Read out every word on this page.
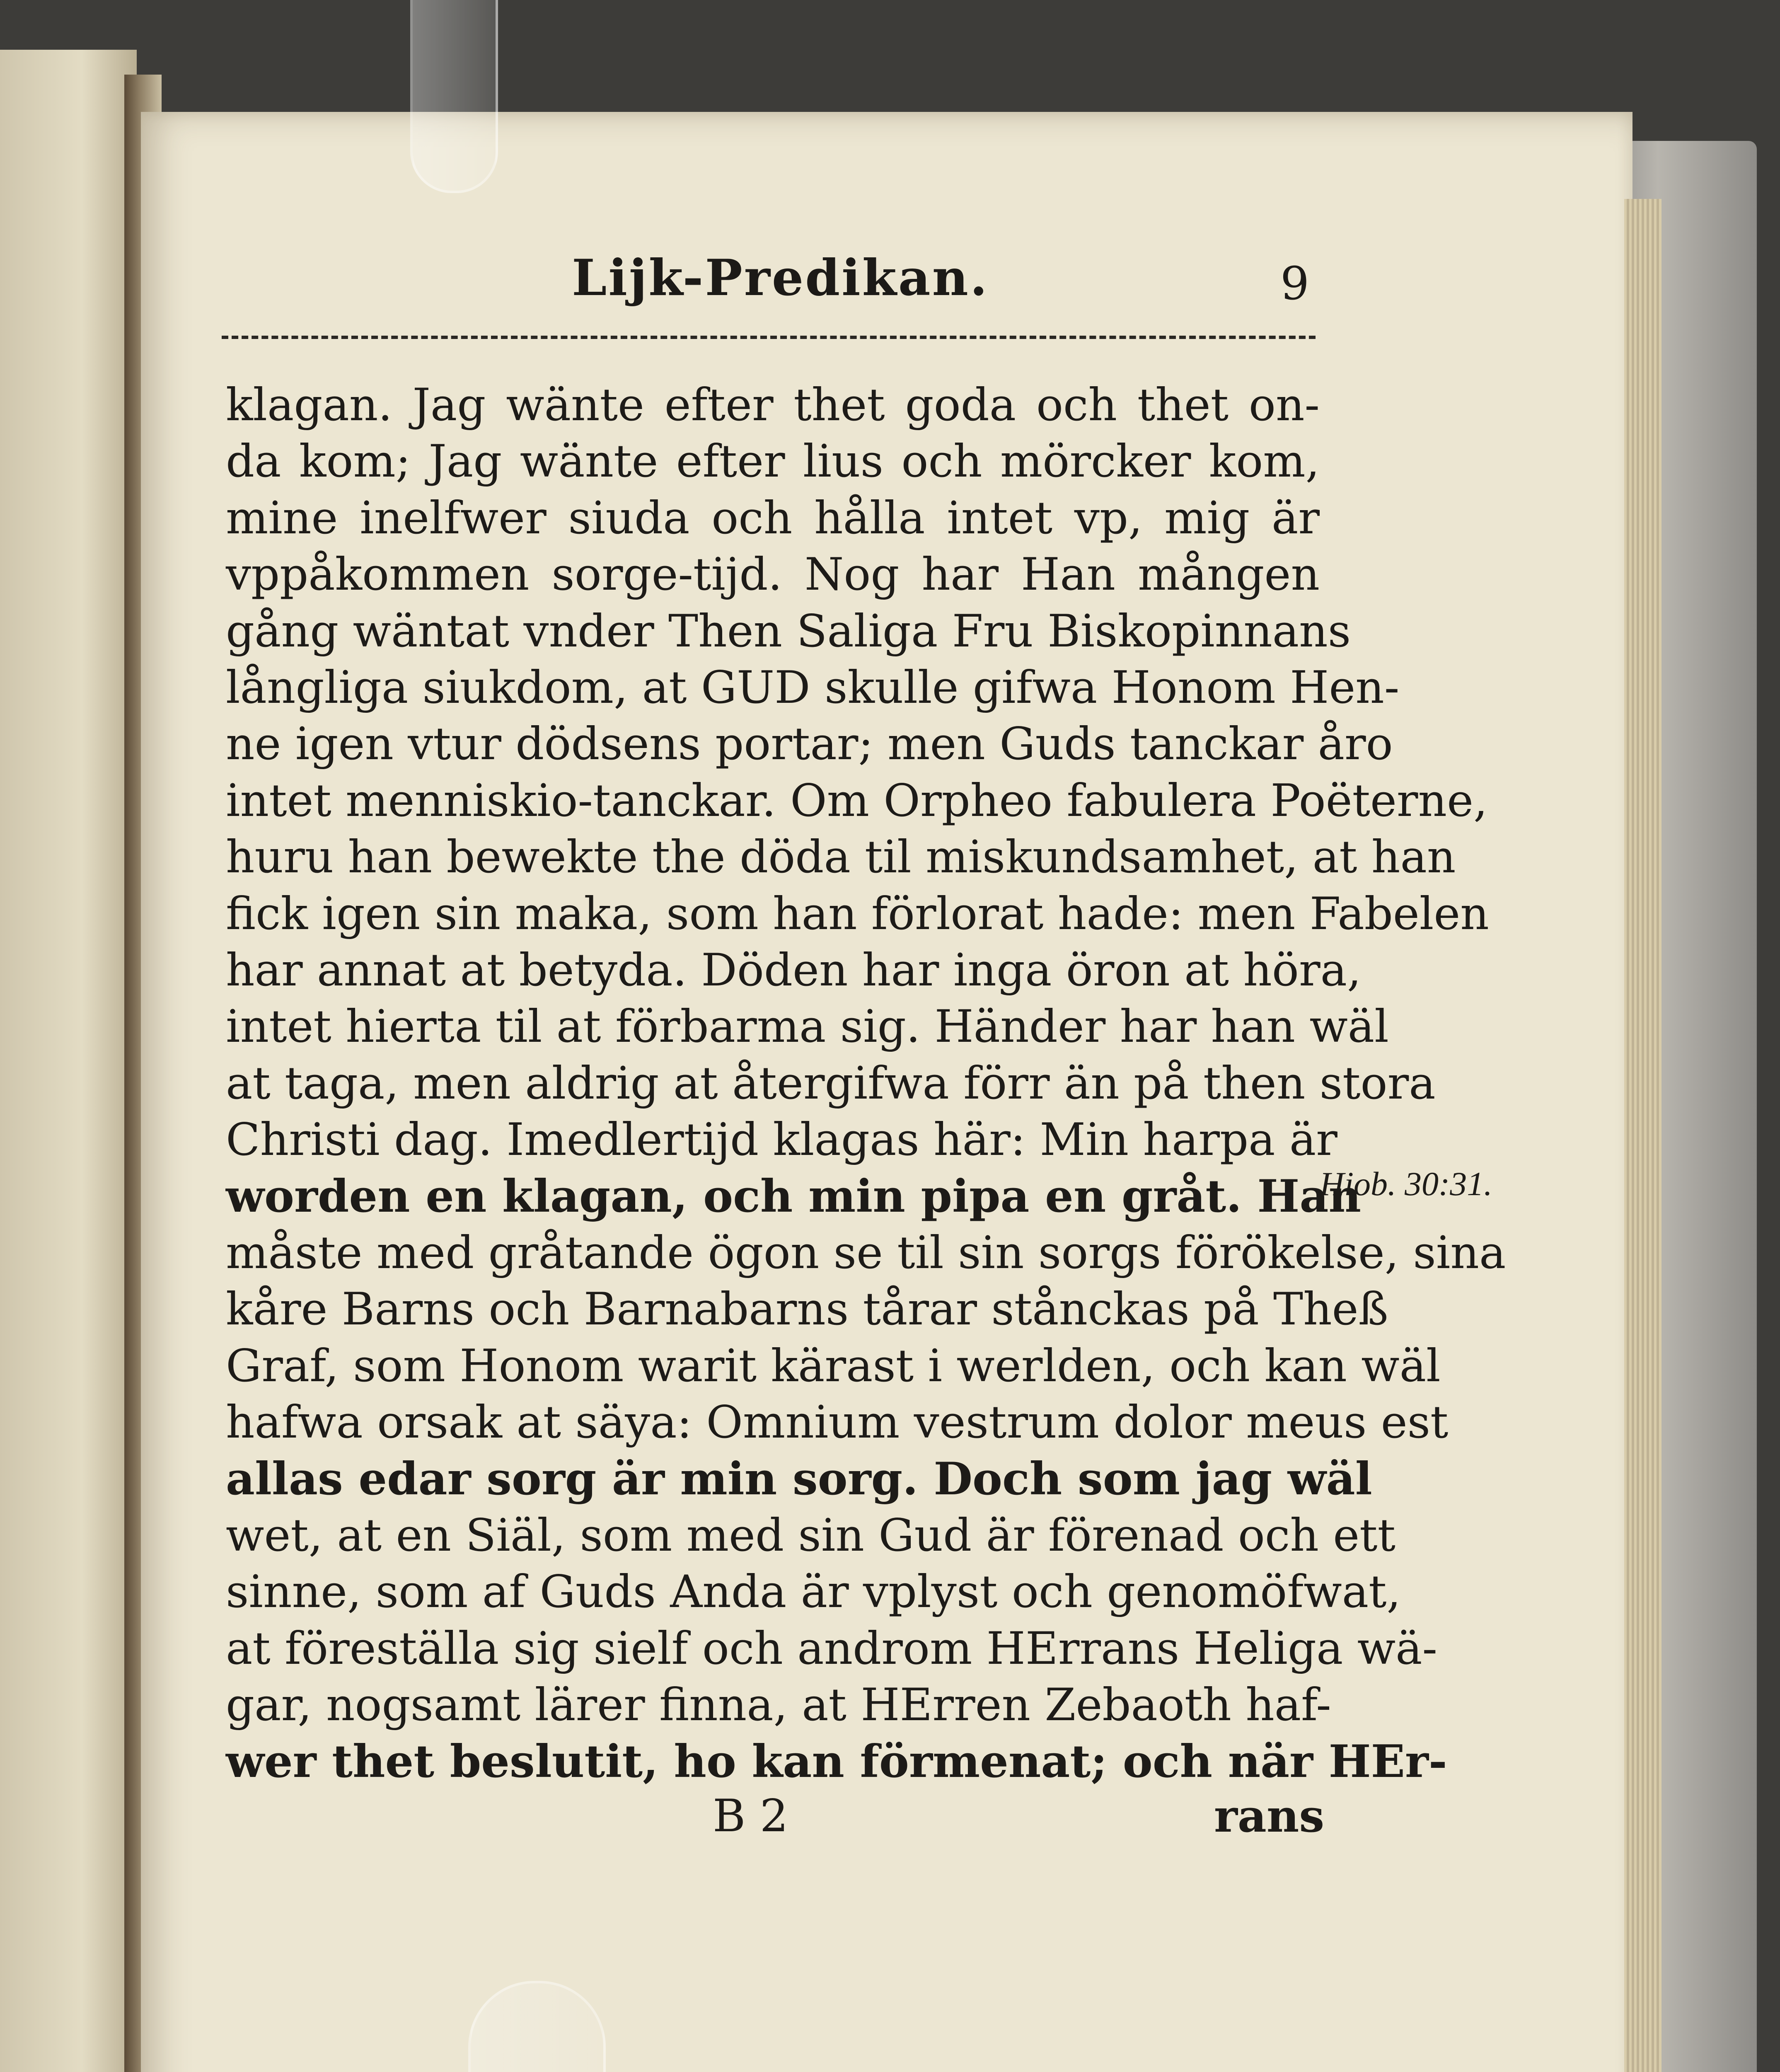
Lijk-Predikan.	9
klagan. Jag wänte efter thet goda och thet on-
da kom; Jag wänte efter lius och mörcker kom,
mine inelfwer siuda och hålla intet vp, mig är
vppåkommen sorge-tijd. Nog har Han mången
gång wäntat vnder Then Saliga Fru Biskopinnans
långliga siukdom, at GUD skulle gifwa Honom Hen-
ne igen vtur dödsens portar; men Guds tanckar åro
intet menniskio-tanckar. Om Orpheo fabulera Poëterne,
huru han bewekte the döda til miskundsamhet, at han
fick igen sin maka, som han förlorat hade: men Fabelen
har annat at betyda. Döden har inga öron at höra,
intet hierta til at förbarma sig. Händer har han wäl
at taga, men aldrig at återgifwa förr än på then stora
Christi dag. Imedlertijd klagas här: Min harpa är
worden en klagan, och min pipa en gråt. Han
måste med gråtande ögon se til sin sorgs förökelse, sina
kåre Barns och Barnabarns tårar stånckas på Theß
Graf, som Honom warit kärast i werlden, och kan wäl
hafwa orsak at säya: Omnium vestrum dolor meus est
allas edar sorg är min sorg. Doch som jag wäl
wet, at en Siäl, som med sin Gud är förenad och ett
sinne, som af Guds Anda är vplyst och genomöfwat,
at föreställa sig sielf och androm HErrans Heliga wä-
gar, nogsamt lärer finna, at HErren Zebaoth haf-
wer thet beslutit, ho kan förmenat; och när HEr-
Hiob. 30:31.
B 2	rans
